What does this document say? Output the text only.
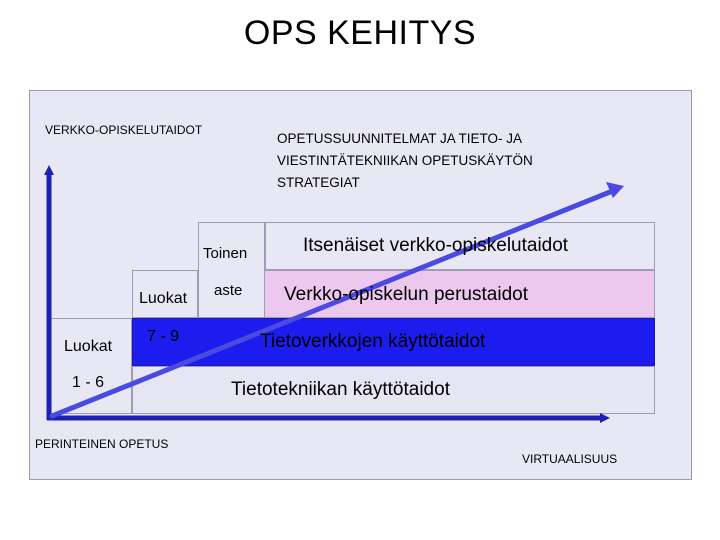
OPS KEHITYS
VERKKO-OPISKELUTAIDOT
OPETUSSUUNNITELMAT JA TIETO- JA
VIESTINTÄTEKNIIKAN OPETUSKÄYTÖN
STRATEGIAT
PERINTEINEN OPETUS
VIRTUAALISUUS
Toinen
aste
Luokat
7 - 9
Luokat
1 - 6
Itsenäiset verkko-opiskelutaidot
Verkko-opiskelun perustaidot
Tietoverkkojen käyttötaidot
Tietotekniikan käyttötaidot
